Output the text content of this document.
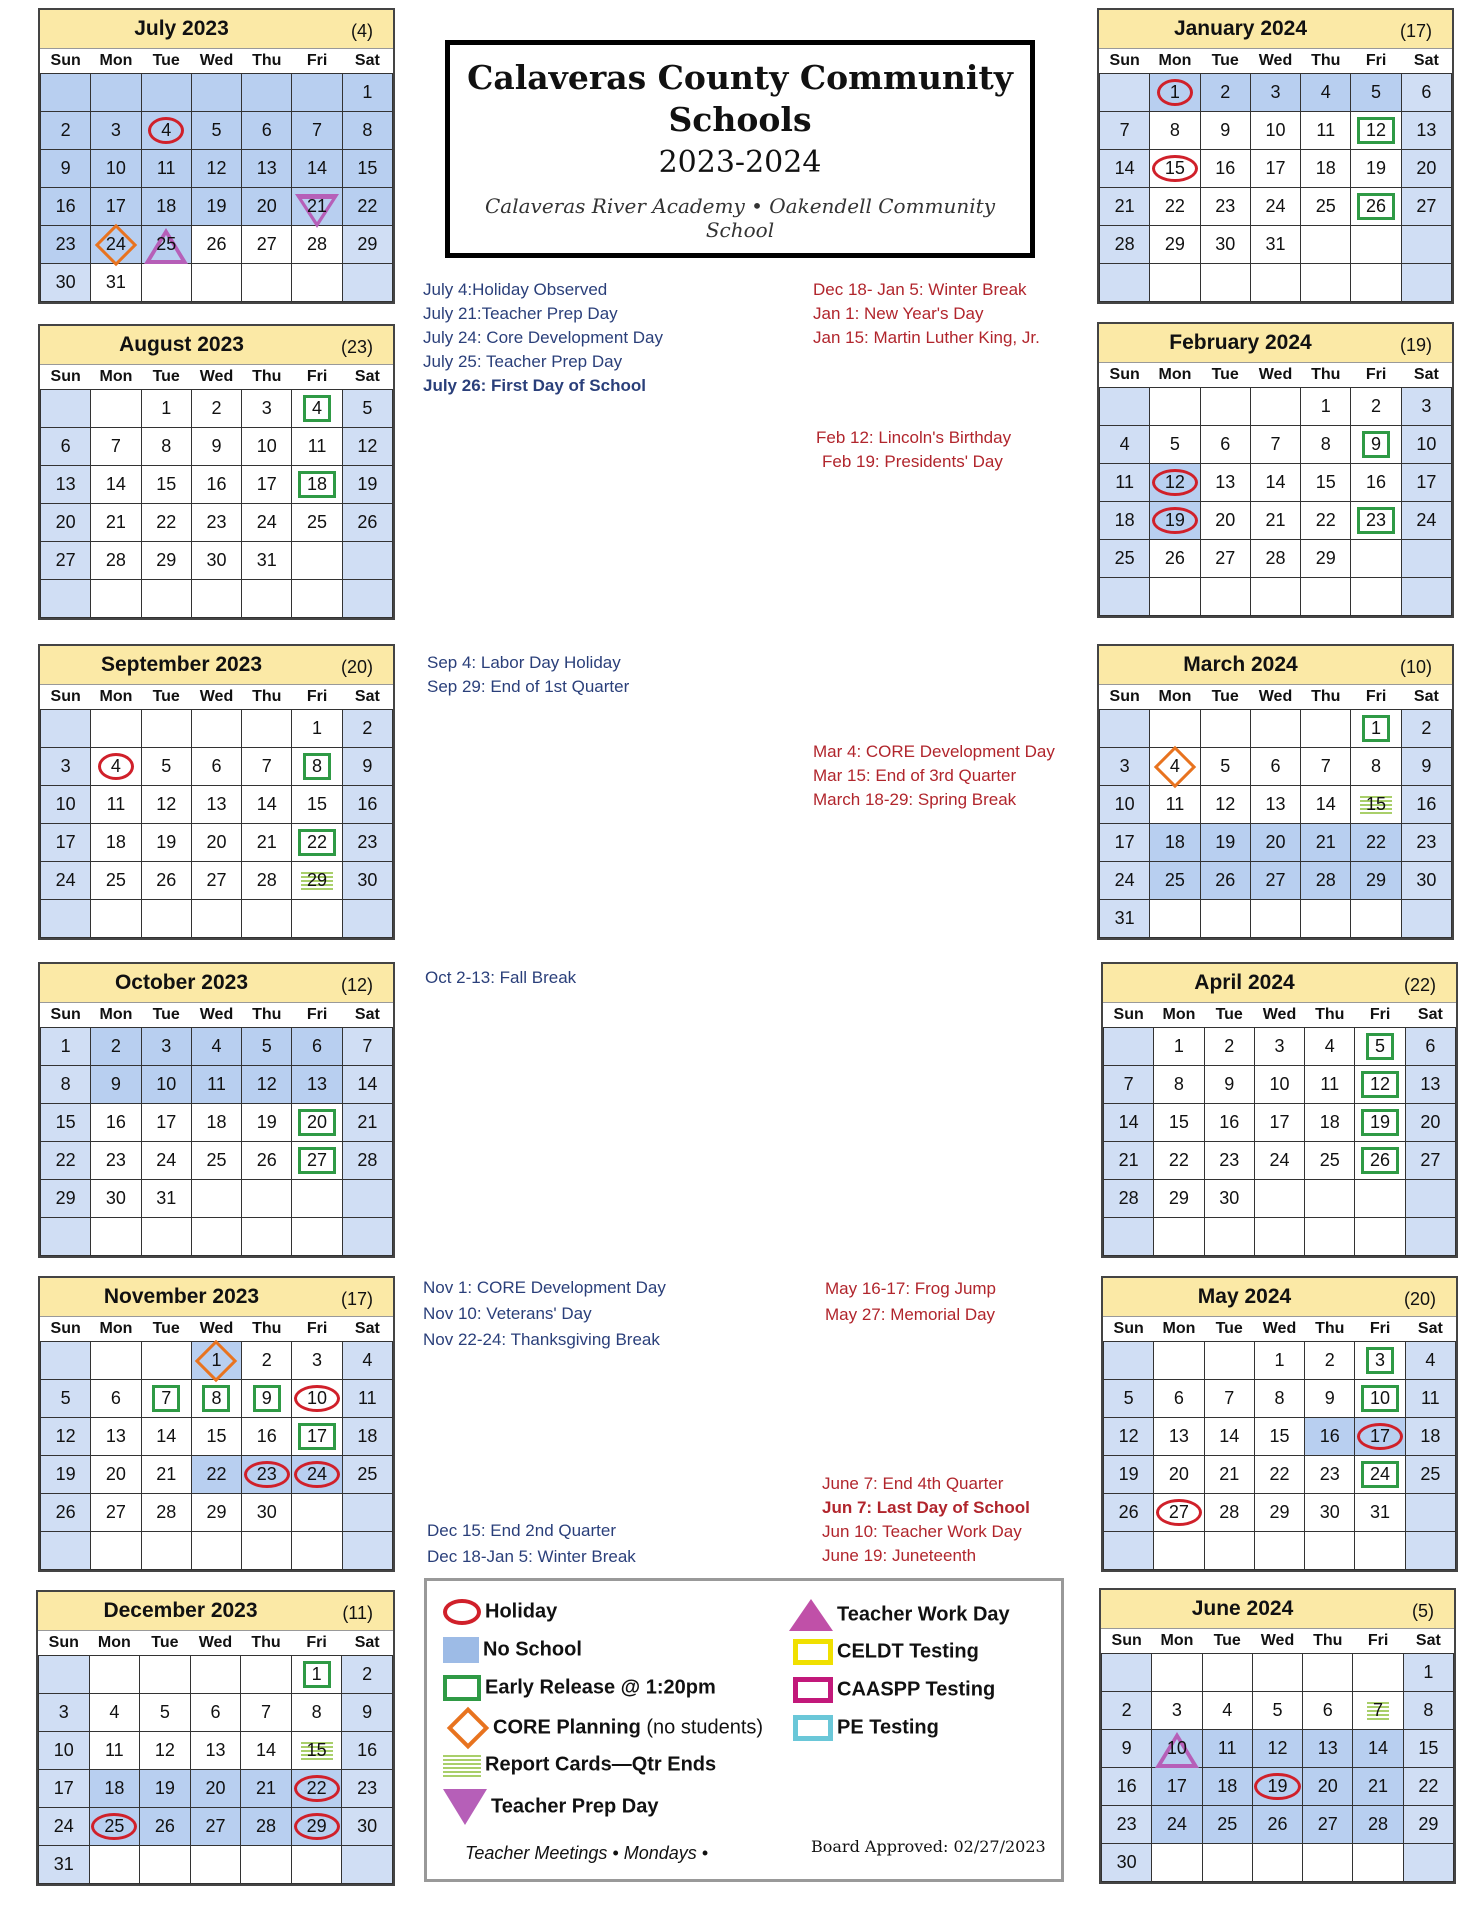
Calaveras County Community Schools
2023-2024
Calaveras River Academy • Oakendell Community School
July 2023	(4)
Sun	Mon	Tue	Wed	Thu	Fri	Sat
						1
2	3	4	5	6	7	8
9	10	11	12	13	14	15
16	17	18	19	20	21	22
23	24	25	26	27	28	29
30	31					
August 2023	(23)
Sun	Mon	Tue	Wed	Thu	Fri	Sat
		1	2	3	4	5
6	7	8	9	10	11	12
13	14	15	16	17	18	19
20	21	22	23	24	25	26
27	28	29	30	31		

September 2023	(20)
Sun	Mon	Tue	Wed	Thu	Fri	Sat
					1	2
3	4	5	6	7	8	9
10	11	12	13	14	15	16
17	18	19	20	21	22	23
24	25	26	27	28	29	30

October 2023	(12)
Sun	Mon	Tue	Wed	Thu	Fri	Sat
1	2	3	4	5	6	7
8	9	10	11	12	13	14
15	16	17	18	19	20	21
22	23	24	25	26	27	28
29	30	31				

November 2023	(17)
Sun	Mon	Tue	Wed	Thu	Fri	Sat
			1	2	3	4
5	6	7	8	9	10	11
12	13	14	15	16	17	18
19	20	21	22	23	24	25
26	27	28	29	30		

December 2023	(11)
Sun	Mon	Tue	Wed	Thu	Fri	Sat
					1	2
3	4	5	6	7	8	9
10	11	12	13	14	15	16
17	18	19	20	21	22	23
24	25	26	27	28	29	30
31						
January 2024	(17)
Sun	Mon	Tue	Wed	Thu	Fri	Sat
	1	2	3	4	5	6
7	8	9	10	11	12	13
14	15	16	17	18	19	20
21	22	23	24	25	26	27
28	29	30	31			

February 2024	(19)
Sun	Mon	Tue	Wed	Thu	Fri	Sat
				1	2	3
4	5	6	7	8	9	10
11	12	13	14	15	16	17
18	19	20	21	22	23	24
25	26	27	28	29		

March 2024	(10)
Sun	Mon	Tue	Wed	Thu	Fri	Sat
					1	2
3	4	5	6	7	8	9
10	11	12	13	14	15	16
17	18	19	20	21	22	23
24	25	26	27	28	29	30
31						
April 2024	(22)
Sun	Mon	Tue	Wed	Thu	Fri	Sat
	1	2	3	4	5	6
7	8	9	10	11	12	13
14	15	16	17	18	19	20
21	22	23	24	25	26	27
28	29	30				

May 2024	(20)
Sun	Mon	Tue	Wed	Thu	Fri	Sat
			1	2	3	4
5	6	7	8	9	10	11
12	13	14	15	16	17	18
19	20	21	22	23	24	25
26	27	28	29	30	31	

June 2024	(5)
Sun	Mon	Tue	Wed	Thu	Fri	Sat
						1
2	3	4	5	6	7	8
9	10	11	12	13	14	15
16	17	18	19	20	21	22
23	24	25	26	27	28	29
30						
July 4:Holiday Observed
July 21:Teacher Prep Day
July 24: Core Development Day
July 25: Teacher Prep Day
July 26: First Day of School
Dec 18- Jan 5: Winter Break
Jan 1: New Year's Day
Jan 15: Martin Luther King, Jr.
Feb 12: Lincoln's Birthday
Feb 19: Presidents' Day
Sep 4: Labor Day Holiday
Sep 29: End of 1st Quarter
Mar 4: CORE Development Day
Mar 15: End of 3rd Quarter
March 18-29: Spring Break
Oct 2-13: Fall Break
Nov 1: CORE Development Day
Nov 10: Veterans' Day
Nov 22-24: Thanksgiving Break
May 16-17: Frog Jump
May 27: Memorial Day
June 7: End 4th Quarter
Jun 7: Last Day of School
Jun 10: Teacher Work Day
June 19: Juneteenth
Dec 15: End 2nd Quarter
Dec 18-Jan 5: Winter Break
Holiday
No School
Early Release @ 1:20pm
CORE Planning (no students)
Report Cards—Qtr Ends
Teacher Prep Day
Teacher Work Day
CELDT Testing
CAASPP Testing
PE Testing
Teacher Meetings • Mondays •	Board Approved: 02/27/2023
